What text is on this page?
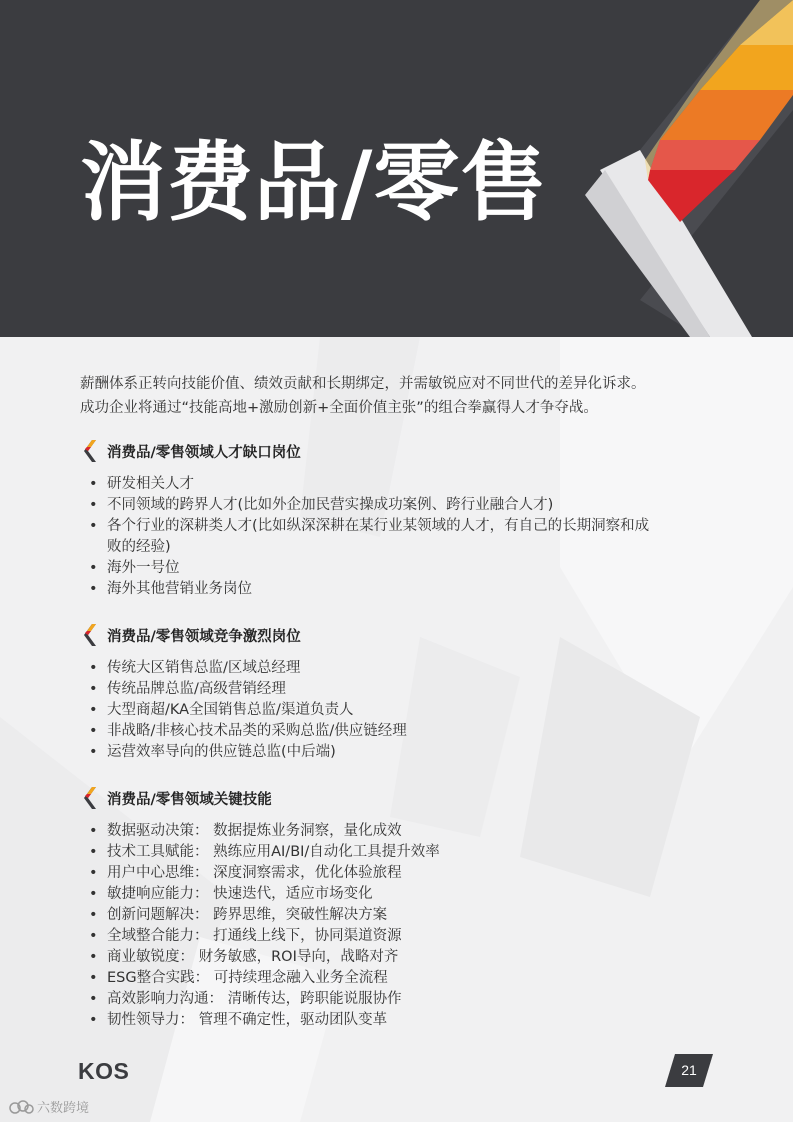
消费品/零售

薪酬体系正转向技能价值、绩效贡献和长期绑定，并需敏锐应对不同世代的差异化诉求。

成功企业将通过“技能高地+激励创新+全面价值主张”的组合拳赢得人才争夺战。

消费品/零售领域人才缺口岗位
• 研发相关人才
• 不同领域的跨界人才(比如外企加民营实操成功案例、跨行业融合人才)
• 各个行业的深耕类人才(比如纵深深耕在某行业某领域的人才，有自己的长期洞察和成
败的经验)
• 海外一号位
• 海外其他营销业务岗位
消费品/零售领域竞争激烈岗位
• 传统大区销售总监/区域总经理
• 传统品牌总监/高级营销经理
• 大型商超/KA全国销售总监/渠道负责人
• 非战略/非核心技术品类的采购总监/供应链经理
• 运营效率导向的供应链总监(中后端)
消费品/零售领域关键技能
• 数据驱动决策： 数据提炼业务洞察，量化成效
• 技术工具赋能： 熟练应用AI/BI/自动化工具提升效率
• 用户中心思维： 深度洞察需求，优化体验旅程
• 敏捷响应能力： 快速迭代，适应市场变化
• 创新问题解决： 跨界思维，突破性解决方案
• 全域整合能力： 打通线上线下，协同渠道资源
• 商业敏锐度： 财务敏感，ROI导向，战略对齐
• ESG整合实践： 可持续理念融入业务全流程
• 高效影响力沟通： 清晰传达，跨职能说服协作
• 韧性领导力： 管理不确定性，驱动团队变革
KOS	21
六数跨境
